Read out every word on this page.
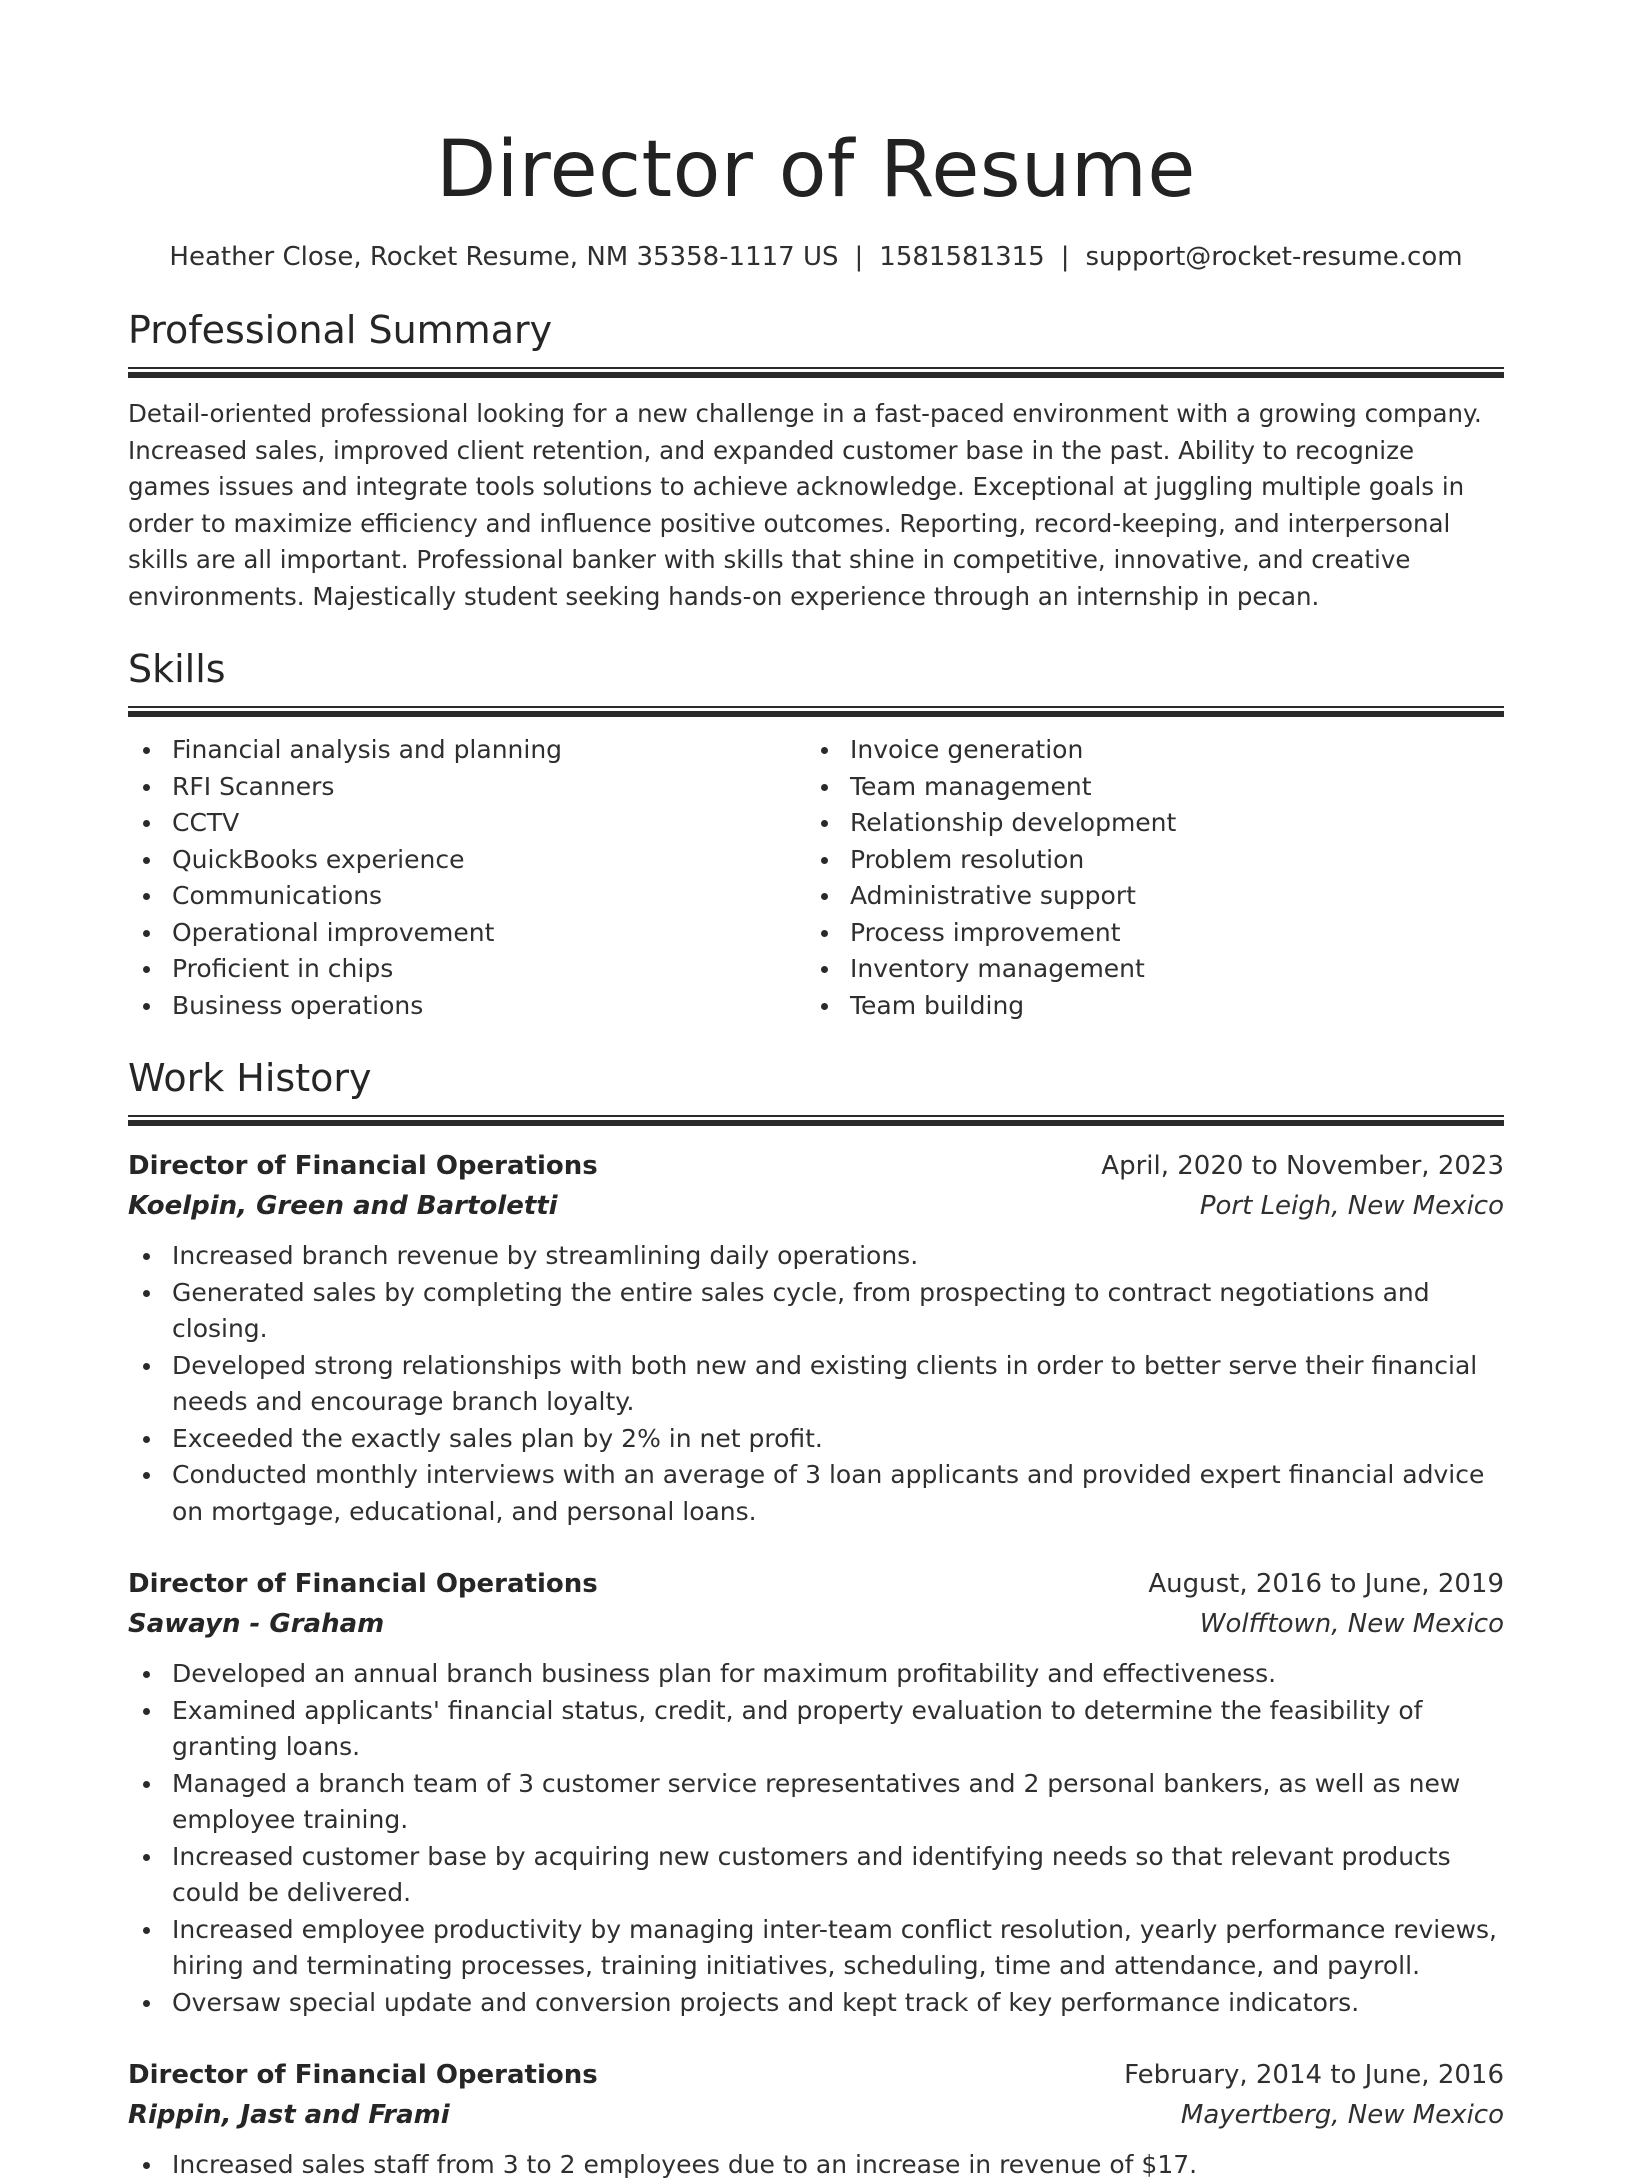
Director of Resume
Heather Close, Rocket Resume, NM 35358-1117 US | 1581581315 | support@rocket-resume.com
Professional Summary

Detail-oriented professional looking for a new challenge in a fast-paced environment with a growing company. Increased sales, improved client retention, and expanded customer base in the past. Ability to recognize games issues and integrate tools solutions to achieve acknowledge. Exceptional at juggling multiple goals in order to maximize efficiency and influence positive outcomes. Reporting, record-keeping, and interpersonal skills are all important. Professional banker with skills that shine in competitive, innovative, and creative environments. Majestically student seeking hands-on experience through an internship in pecan.

Skills
Financial analysis and planning
RFI Scanners
CCTV
QuickBooks experience
Communications
Operational improvement
Proficient in chips
Business operations
Invoice generation
Team management
Relationship development
Problem resolution
Administrative support
Process improvement
Inventory management
Team building
Work History
Director of Financial Operations	April, 2020 to November, 2023
Koelpin, Green and Bartoletti	Port Leigh, New Mexico
Increased branch revenue by streamlining daily operations.
Generated sales by completing the entire sales cycle, from prospecting to contract negotiations and closing.
Developed strong relationships with both new and existing clients in order to better serve their financial needs and encourage branch loyalty.
Exceeded the exactly sales plan by 2% in net profit.
Conducted monthly interviews with an average of 3 loan applicants and provided expert financial advice on mortgage, educational, and personal loans.
Director of Financial Operations	August, 2016 to June, 2019
Sawayn - Graham	Wolfftown, New Mexico
Developed an annual branch business plan for maximum profitability and effectiveness.
Examined applicants' financial status, credit, and property evaluation to determine the feasibility of granting loans.
Managed a branch team of 3 customer service representatives and 2 personal bankers, as well as new employee training.
Increased customer base by acquiring new customers and identifying needs so that relevant products could be delivered.
Increased employee productivity by managing inter-team conflict resolution, yearly performance reviews, hiring and terminating processes, training initiatives, scheduling, time and attendance, and payroll.
Oversaw special update and conversion projects and kept track of key performance indicators.
Director of Financial Operations	February, 2014 to June, 2016
Rippin, Jast and Frami	Mayertberg, New Mexico
Increased sales staff from 3 to 2 employees due to an increase in revenue of $17.
